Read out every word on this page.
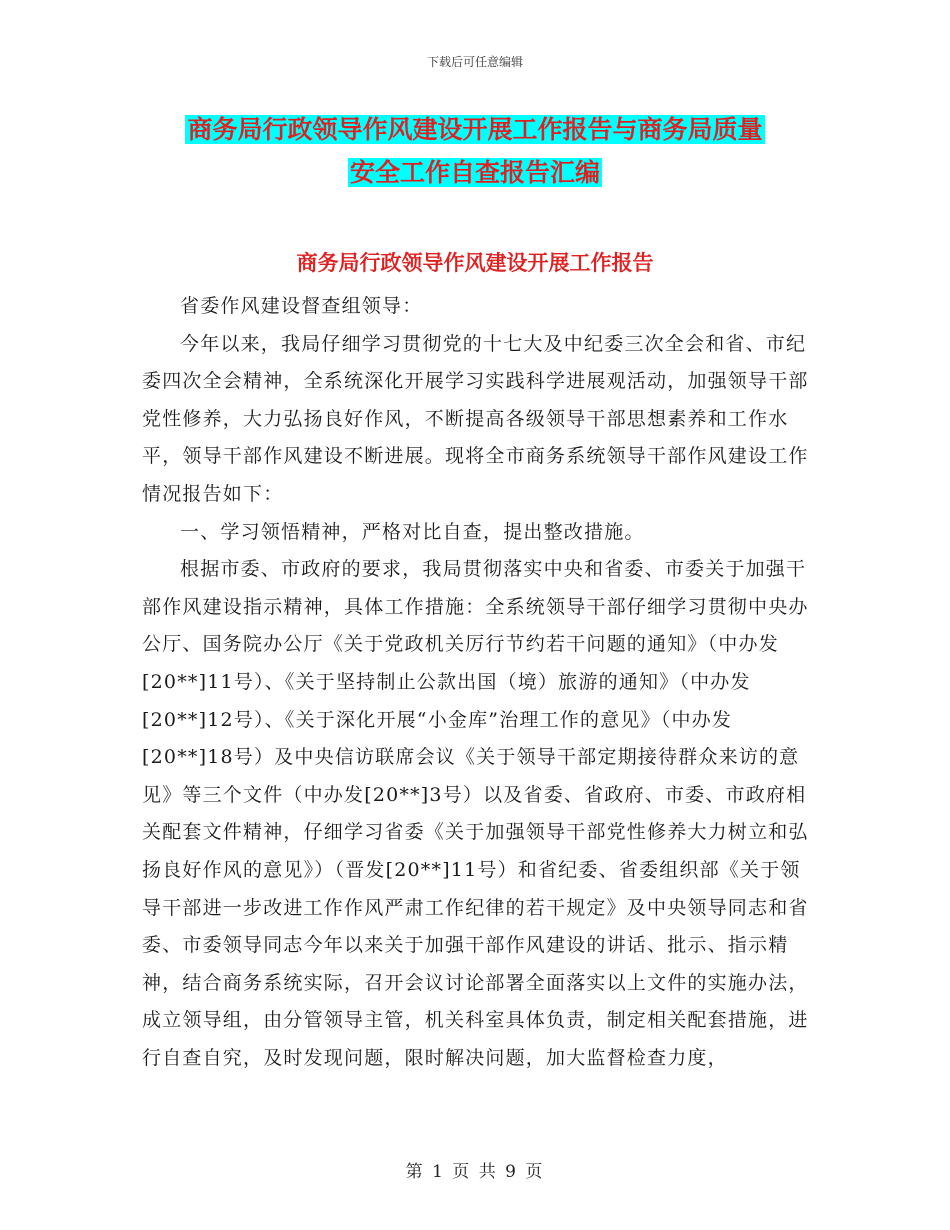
下载后可任意编辑
商务局行政领导作风建设开展工作报告与商务局质量
安全工作自查报告汇编
商务局行政领导作风建设开展工作报告

省委作风建设督查组领导：

今年以来，我局仔细学习贯彻党的十七大及中纪委三次全会和省、市纪委四次全会精神，全系统深化开展学习实践科学进展观活动，加强领导干部党性修养，大力弘扬良好作风，不断提高各级领导干部思想素养和工作水平，领导干部作风建设不断进展。现将全市商务系统领导干部作风建设工作情况报告如下：

一、学习领悟精神，严格对比自查，提出整改措施。

根据市委、市政府的要求，我局贯彻落实中央和省委、市委关于加强干部作风建设指示精神，具体工作措施：全系统领导干部仔细学习贯彻中央办公厅、国务院办公厅《关于党政机关厉行节约若干问题的通知》（中办发[20**]11号）、《关于坚持制止公款出国（境）旅游的通知》（中办发[20**]12号）、《关于深化开展“小金库”治理工作的意见》（中办发[20**]18号）及中央信访联席会议《关于领导干部定期接待群众来访的意见》等三个文件（中办发[20**]3号）以及省委、省政府、市委、市政府相关配套文件精神，仔细学习省委《关于加强领导干部党性修养大力树立和弘扬良好作风的意见》）（晋发[20**]11号）和省纪委、省委组织部《关于领导干部进一步改进工作作风严肃工作纪律的若干规定》及中央领导同志和省委、市委领导同志今年以来关于加强干部作风建设的讲话、批示、指示精神，结合商务系统实际，召开会议讨论部署全面落实以上文件的实施办法，成立领导组，由分管领导主管，机关科室具体负责，制定相关配套措施，进行自查自究，及时发现问题，限时解决问题，加大监督检查力度，

第 1 页 共 9 页
